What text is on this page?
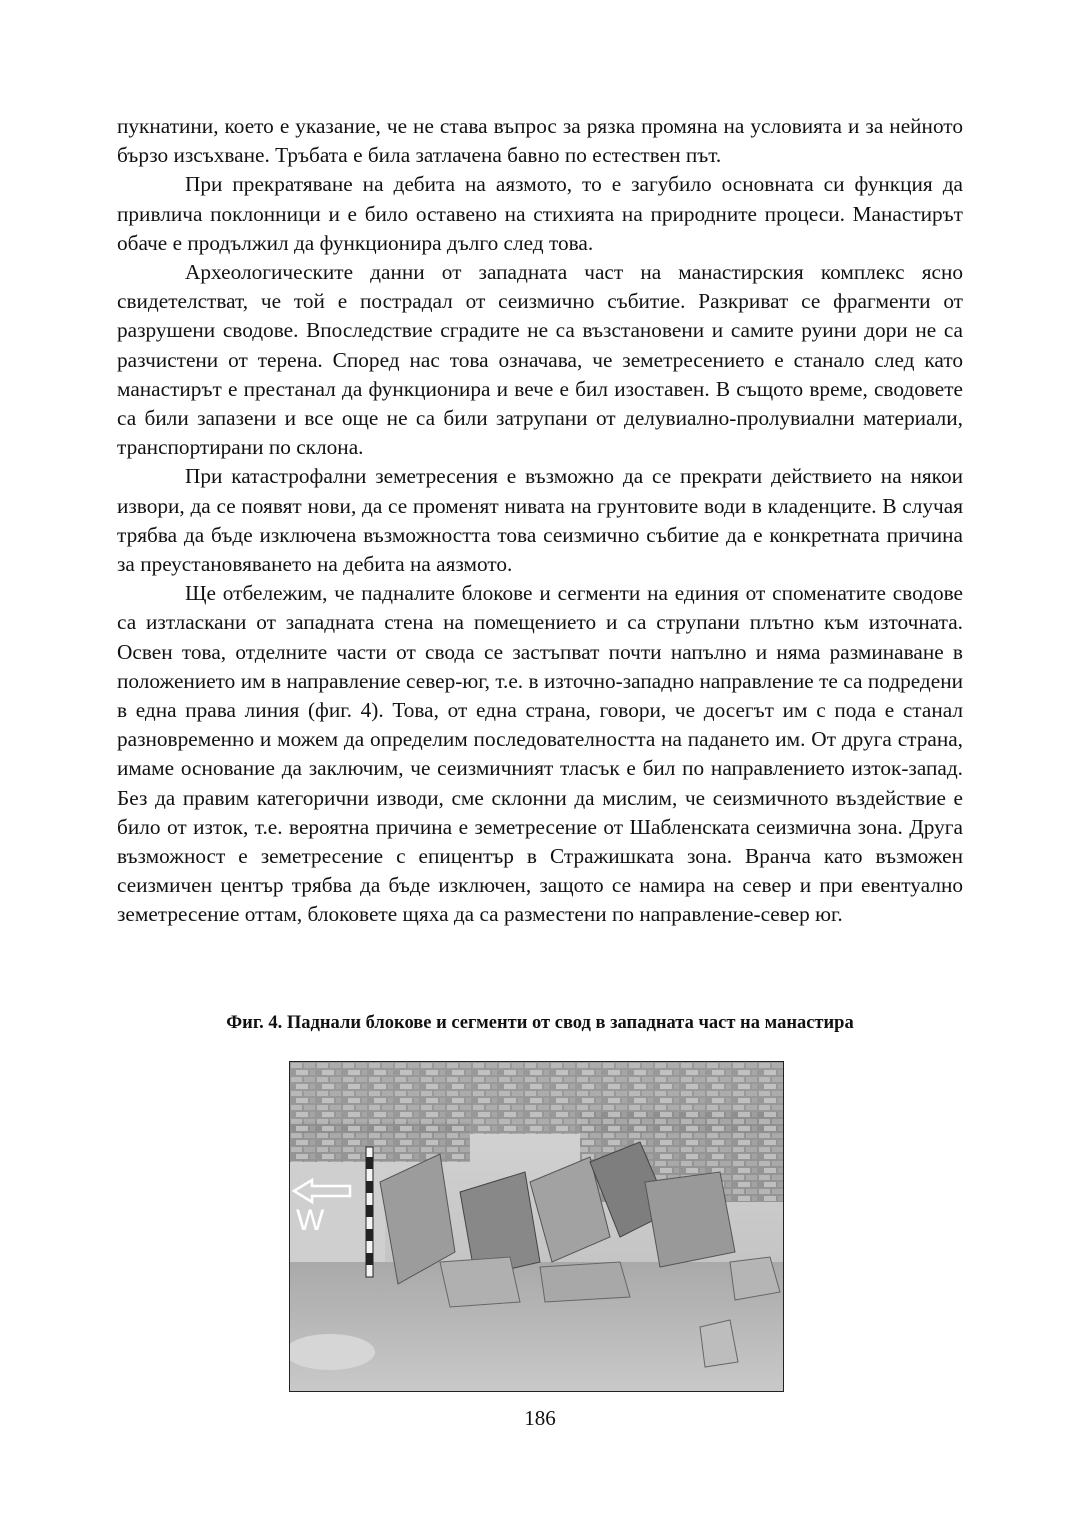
пукнатини, което е указание, че не става въпрос за рязка промяна на условията и за нейното бързо изсъхване. Тръбата е била затлачена бавно по естествен път.

При прекратяване на дебита на аязмото, то е загубило основната си функция да привлича поклонници и е било оставено на стихията на природните процеси. Манастирът обаче е продължил да функционира дълго след това.

Археологическите данни от западната част на манастирския комплекс ясно свидетелстват, че той е пострадал от сеизмично събитие. Разкриват се фрагменти от разрушени сводове. Впоследствие сградите не са възстановени и самите руини дори не са разчистени от терена. Според нас това означава, че земетресението е станало след като манастирът е престанал да функционира и вече е бил изоставен. В същото време, сводовете са били запазени и все още не са били затрупани от делувиално-пролувиални материали, транспортирани по склона.

При катастрофални земетресения е възможно да се прекрати действието на някои извори, да се появят нови, да се променят нивата на грунтовите води в кладенците. В случая трябва да бъде изключена възможността това сеизмично събитие да е конкретната причина за преустановяването на дебита на аязмото.

Ще отбележим, че падналите блокове и сегменти на единия от споменатите сводове са изтласкани от западната стена на помещението и са струпани плътно към източната. Освен това, отделните части от свода се застъпват почти напълно и няма разминаване в положението им в направление север-юг, т.е. в източно-западно направление те са подредени в една права линия (фиг. 4). Това, от една страна, говори, че досегът им с пода е станал разновременно и можем да определим последователността на падането им. От друга страна, имаме основание да заключим, че сеизмичният тласък е бил по направлението изток-запад. Без да правим категорични изводи, сме склонни да мислим, че сеизмичното въздействие е било от изток, т.е. вероятна причина е земетресение от Шабленската сеизмична зона. Друга възможност е земетресение с епицентър в Стражишката зона. Вранча като възможен сеизмичен център трябва да бъде изключен, защото се намира на север и при евентуално земетресение оттам, блоковете щяха да са разместени по направление-север юг.

Фиг. 4. Паднали блокове и сегменти от свод в западната част на манастира
W
186
